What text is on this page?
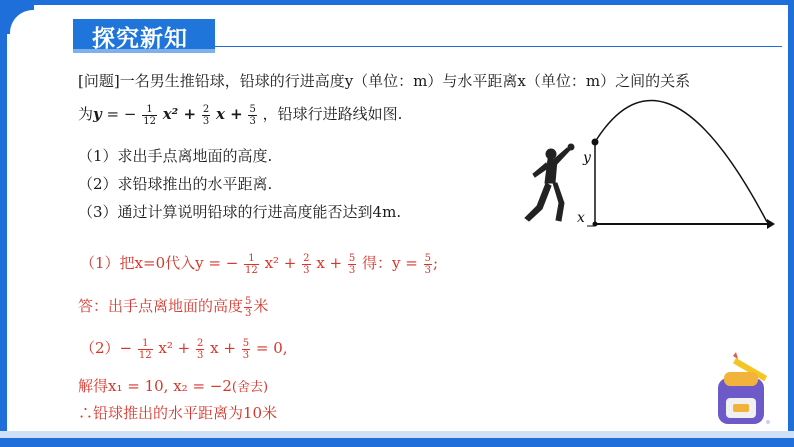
探究新知
[问题]一名男生推铅球，铅球的行进高度y（单位：m）与水平距离x（单位：m）之间的关系
为y = − $\frac{1}{12} x^2 + \frac{2}{3}$ $x + \frac{5}{3}$ ，铅球行进路线如图.
（1）求出手点离地面的高度.
（2）求铅球推出的水平距离.
（3）通过计算说明铅球的行进高度能否达到4m.
y
x
（1）把x=0代入y = − $\frac{1}{12} x^2 + \frac{2}{3}$ $x + \frac{5}{3}$ 得：$y = \frac{5}{3}$ ;
答：出手点离地面的高度 $\frac{5}{3}$ 米
$(2)- \frac{1}{12} x^2 + \frac{2}{3}$ $x + \frac{5}{3} = 0$,
解得x₁ = 10, x₂ = −2(舍去)
∴铅球推出的水平距离为10米
